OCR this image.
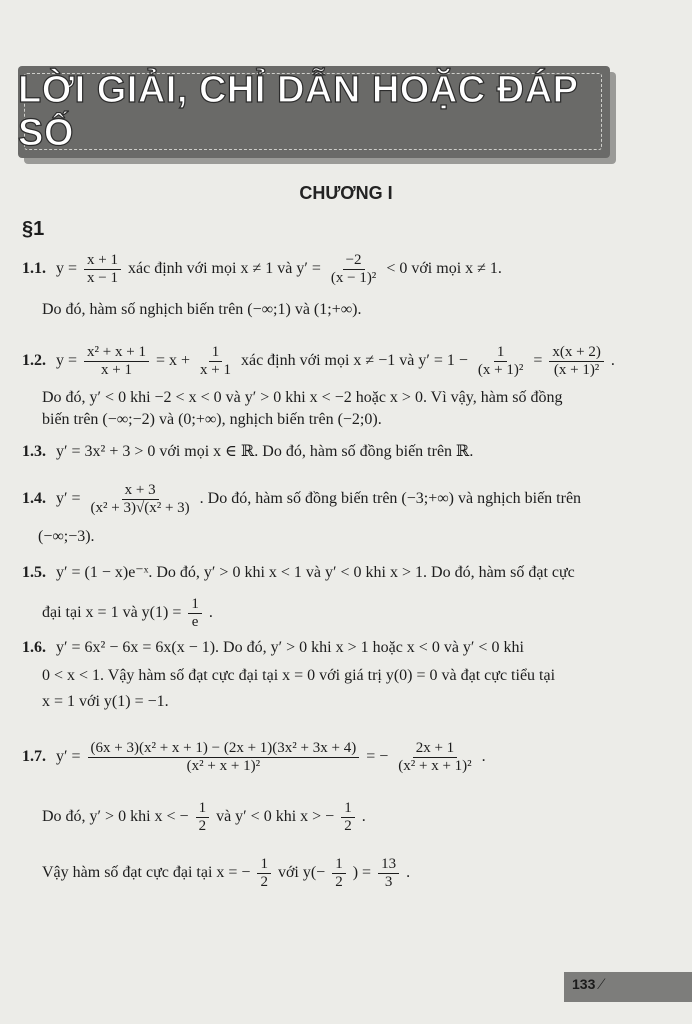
LỜI GIẢI, CHỈ DẪN HOẶC ĐÁP SỐ
CHƯƠNG I
§1
1.1. $y = \frac{x + 1}{x - 1}$ xác định với mọi x ≠ 1 và $y' = \frac{-2}{\text{(x − 1)²}} < 0$ với mọi x ≠ 1.
Do đó, hàm số nghịch biến trên (−∞;1) và (1;+∞).
1.2. $y = \frac{\text{x² + x + 1}}{x + 1} = x + \frac{1}{x + 1}$ xác định với mọi x ≠ −1 và $y' = 1 - \frac{1}{\text{(x + 1)²}} = \frac{x(x + 2)}{\text{(x + 1)²}}$ .
Do đó, y′ < 0 khi −2 < x < 0 và y′ > 0 khi x < −2 hoặc x > 0. Vì vậy, hàm số đồng
biến trên (−∞;−2) và (0;+∞), nghịch biến trên (−2;0).
1.3. y′ = 3x² + 3 > 0 với mọi x ∈ ℝ. Do đó, hàm số đồng biến trên ℝ.
1.4. $y' = \frac{x + 3}{\text{(x² + 3)√(x² + 3)}}$ . Do đó, hàm số đồng biến trên (−3;+∞) và nghịch biến trên
(−∞;−3).
1.5. y′ = (1 − x)e⁻ˣ. Do đó, y′ > 0 khi x < 1 và y′ < 0 khi x > 1. Do đó, hàm số đạt cực
đại tại x = 1 và $y(1) = \frac{1}{e}$ .
1.6. y′ = 6x² − 6x = 6x(x − 1). Do đó, y′ > 0 khi x > 1 hoặc x < 0 và y′ < 0 khi
0 < x < 1. Vậy hàm số đạt cực đại tại x = 0 với giá trị y(0) = 0 và đạt cực tiểu tại
x = 1 với y(1) = −1.
1.7. $y' = \frac{\text{(6x + 3)(x² + x + 1) − (2x + 1)(3x² + 3x + 4)}}{\text{(x² + x + 1)²}}$ = − $\frac{2x + 1}{\text{(x² + x + 1)²}}$ .
Do đó, y′ > 0 khi x < − $\frac{1}{2}$ và y′ < 0 khi x > − $\frac{1}{2}$ .
Vậy hàm số đạt cực đại tại x = − $\frac{1}{2}$ với $y(- \frac{1}{2}$ ) = $\frac{13}{3}$ .
133 ⁄
